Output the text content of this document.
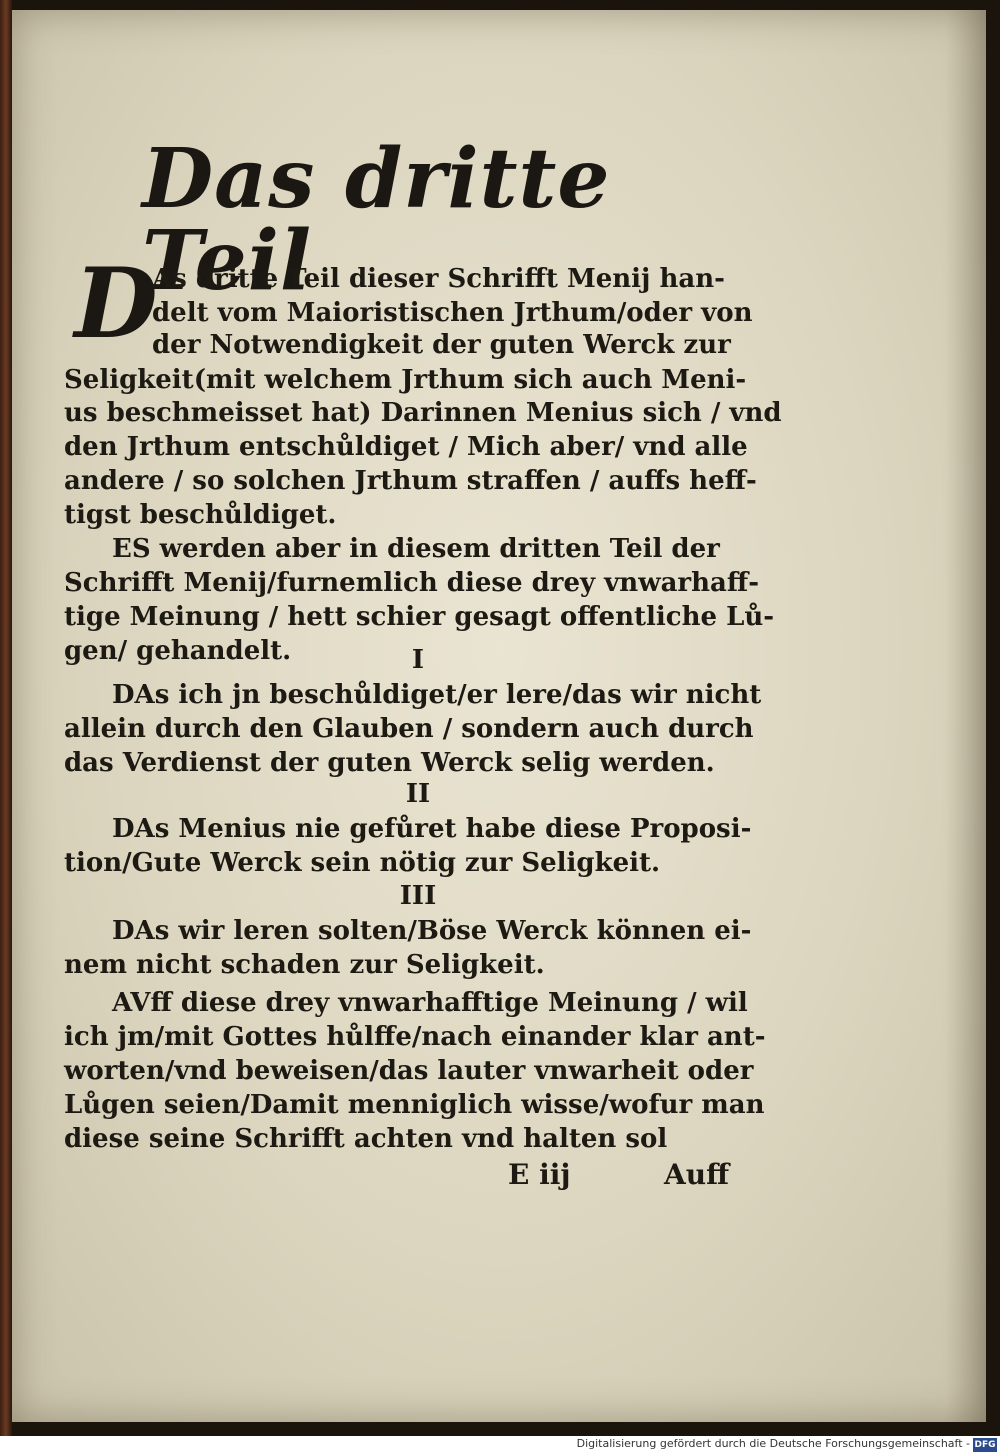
Das dritte Teil
D
As dritte Teil dieser Schrifft Menij han-
delt vom Maioristischen Jrthum/oder von
der Notwendigkeit der guten Werck zur
Seligkeit(mit welchem Jrthum sich auch Meni-
us beschmeisset hat) Darinnen Menius sich / vnd
den Jrthum entschůldiget / Mich aber/ vnd alle
andere / so solchen Jrthum straffen / auffs heff-
tigst beschůldiget.
ES werden aber in diesem dritten Teil der
Schrifft Menij/furnemlich diese drey vnwarhaff-
tige Meinung / hett schier gesagt offentliche Lů-
gen/ gehandelt.	I
DAs ich jn beschůldiget/er lere/das wir nicht
allein durch den Glauben / sondern auch durch
das Verdienst der guten Werck selig werden.
II
DAs Menius nie gefůret habe diese Proposi-
tion/Gute Werck sein nötig zur Seligkeit.
III
DAs wir leren solten/Böse Werck können ei-
nem nicht schaden zur Seligkeit.
AVff diese drey vnwarhafftige Meinung / wil
ich jm/mit Gottes hůlffe/nach einander klar ant-
worten/vnd beweisen/das lauter vnwarheit oder
Lůgen seien/Damit menniglich wisse/wofur man
diese seine Schrifft achten vnd halten sol
E iij	Auff
Digitalisierung gefördert durch die Deutsche Forschungsgemeinschaft - DFG
